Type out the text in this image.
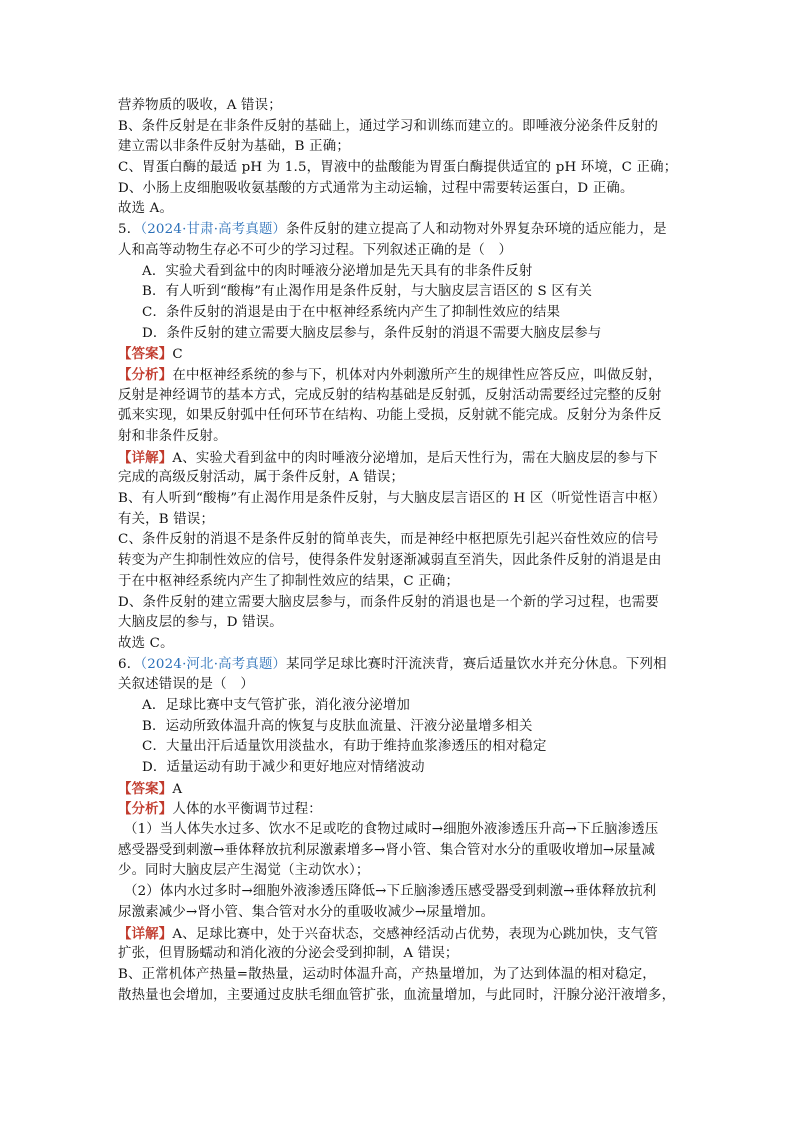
营养物质的吸收，A 错误；
B、条件反射是在非条件反射的基础上，通过学习和训练而建立的。即唾液分泌条件反射的
建立需以非条件反射为基础，B 正确；
C、胃蛋白酶的最适 pH 为 1.5，胃液中的盐酸能为胃蛋白酶提供适宜的 pH 环境，C 正确；
D、小肠上皮细胞吸收氨基酸的方式通常为主动运输，过程中需要转运蛋白，D 正确。
故选 A。
5．（2024·甘肃·高考真题）条件反射的建立提高了人和动物对外界复杂环境的适应能力，是
人和高等动物生存必不可少的学习过程。下列叙述正确的是（　）
A．实验犬看到盆中的肉时唾液分泌增加是先天具有的非条件反射
B．有人听到“酸梅”有止渴作用是条件反射，与大脑皮层言语区的 S 区有关
C．条件反射的消退是由于在中枢神经系统内产生了抑制性效应的结果
D．条件反射的建立需要大脑皮层参与，条件反射的消退不需要大脑皮层参与
【答案】C
【分析】在中枢神经系统的参与下，机体对内外刺激所产生的规律性应答反应，叫做反射，
反射是神经调节的基本方式，完成反射的结构基础是反射弧，反射活动需要经过完整的反射
弧来实现，如果反射弧中任何环节在结构、功能上受损，反射就不能完成。反射分为条件反
射和非条件反射。
【详解】A、实验犬看到盆中的肉时唾液分泌增加，是后天性行为，需在大脑皮层的参与下
完成的高级反射活动，属于条件反射，A 错误；
B、有人听到“酸梅”有止渴作用是条件反射，与大脑皮层言语区的 H 区（听觉性语言中枢）
有关，B 错误；
C、条件反射的消退不是条件反射的简单丧失，而是神经中枢把原先引起兴奋性效应的信号
转变为产生抑制性效应的信号，使得条件发射逐渐减弱直至消失，因此条件反射的消退是由
于在中枢神经系统内产生了抑制性效应的结果，C 正确；
D、条件反射的建立需要大脑皮层参与，而条件反射的消退也是一个新的学习过程，也需要
大脑皮层的参与，D 错误。
故选 C。
6．（2024·河北·高考真题）某同学足球比赛时汗流浃背，赛后适量饮水并充分休息。下列相
关叙述错误的是（　）
A．足球比赛中支气管扩张，消化液分泌增加
B．运动所致体温升高的恢复与皮肤血流量、汗液分泌量增多相关
C．大量出汗后适量饮用淡盐水，有助于维持血浆渗透压的相对稳定
D．适量运动有助于减少和更好地应对情绪波动
【答案】A
【分析】人体的水平衡调节过程：
（1）当人体失水过多、饮水不足或吃的食物过咸时→细胞外液渗透压升高→下丘脑渗透压
感受器受到刺激→垂体释放抗利尿激素增多→肾小管、集合管对水分的重吸收增加→尿量减
少。同时大脑皮层产生渴觉（主动饮水）；
（2）体内水过多时→细胞外液渗透压降低→下丘脑渗透压感受器受到刺激→垂体释放抗利
尿激素减少→肾小管、集合管对水分的重吸收减少→尿量增加。
【详解】A、足球比赛中，处于兴奋状态，交感神经活动占优势，表现为心跳加快，支气管
扩张，但胃肠蠕动和消化液的分泌会受到抑制，A 错误；
B、正常机体产热量=散热量，运动时体温升高，产热量增加，为了达到体温的相对稳定，
散热量也会增加，主要通过皮肤毛细血管扩张，血流量增加，与此同时，汗腺分泌汗液增多，
